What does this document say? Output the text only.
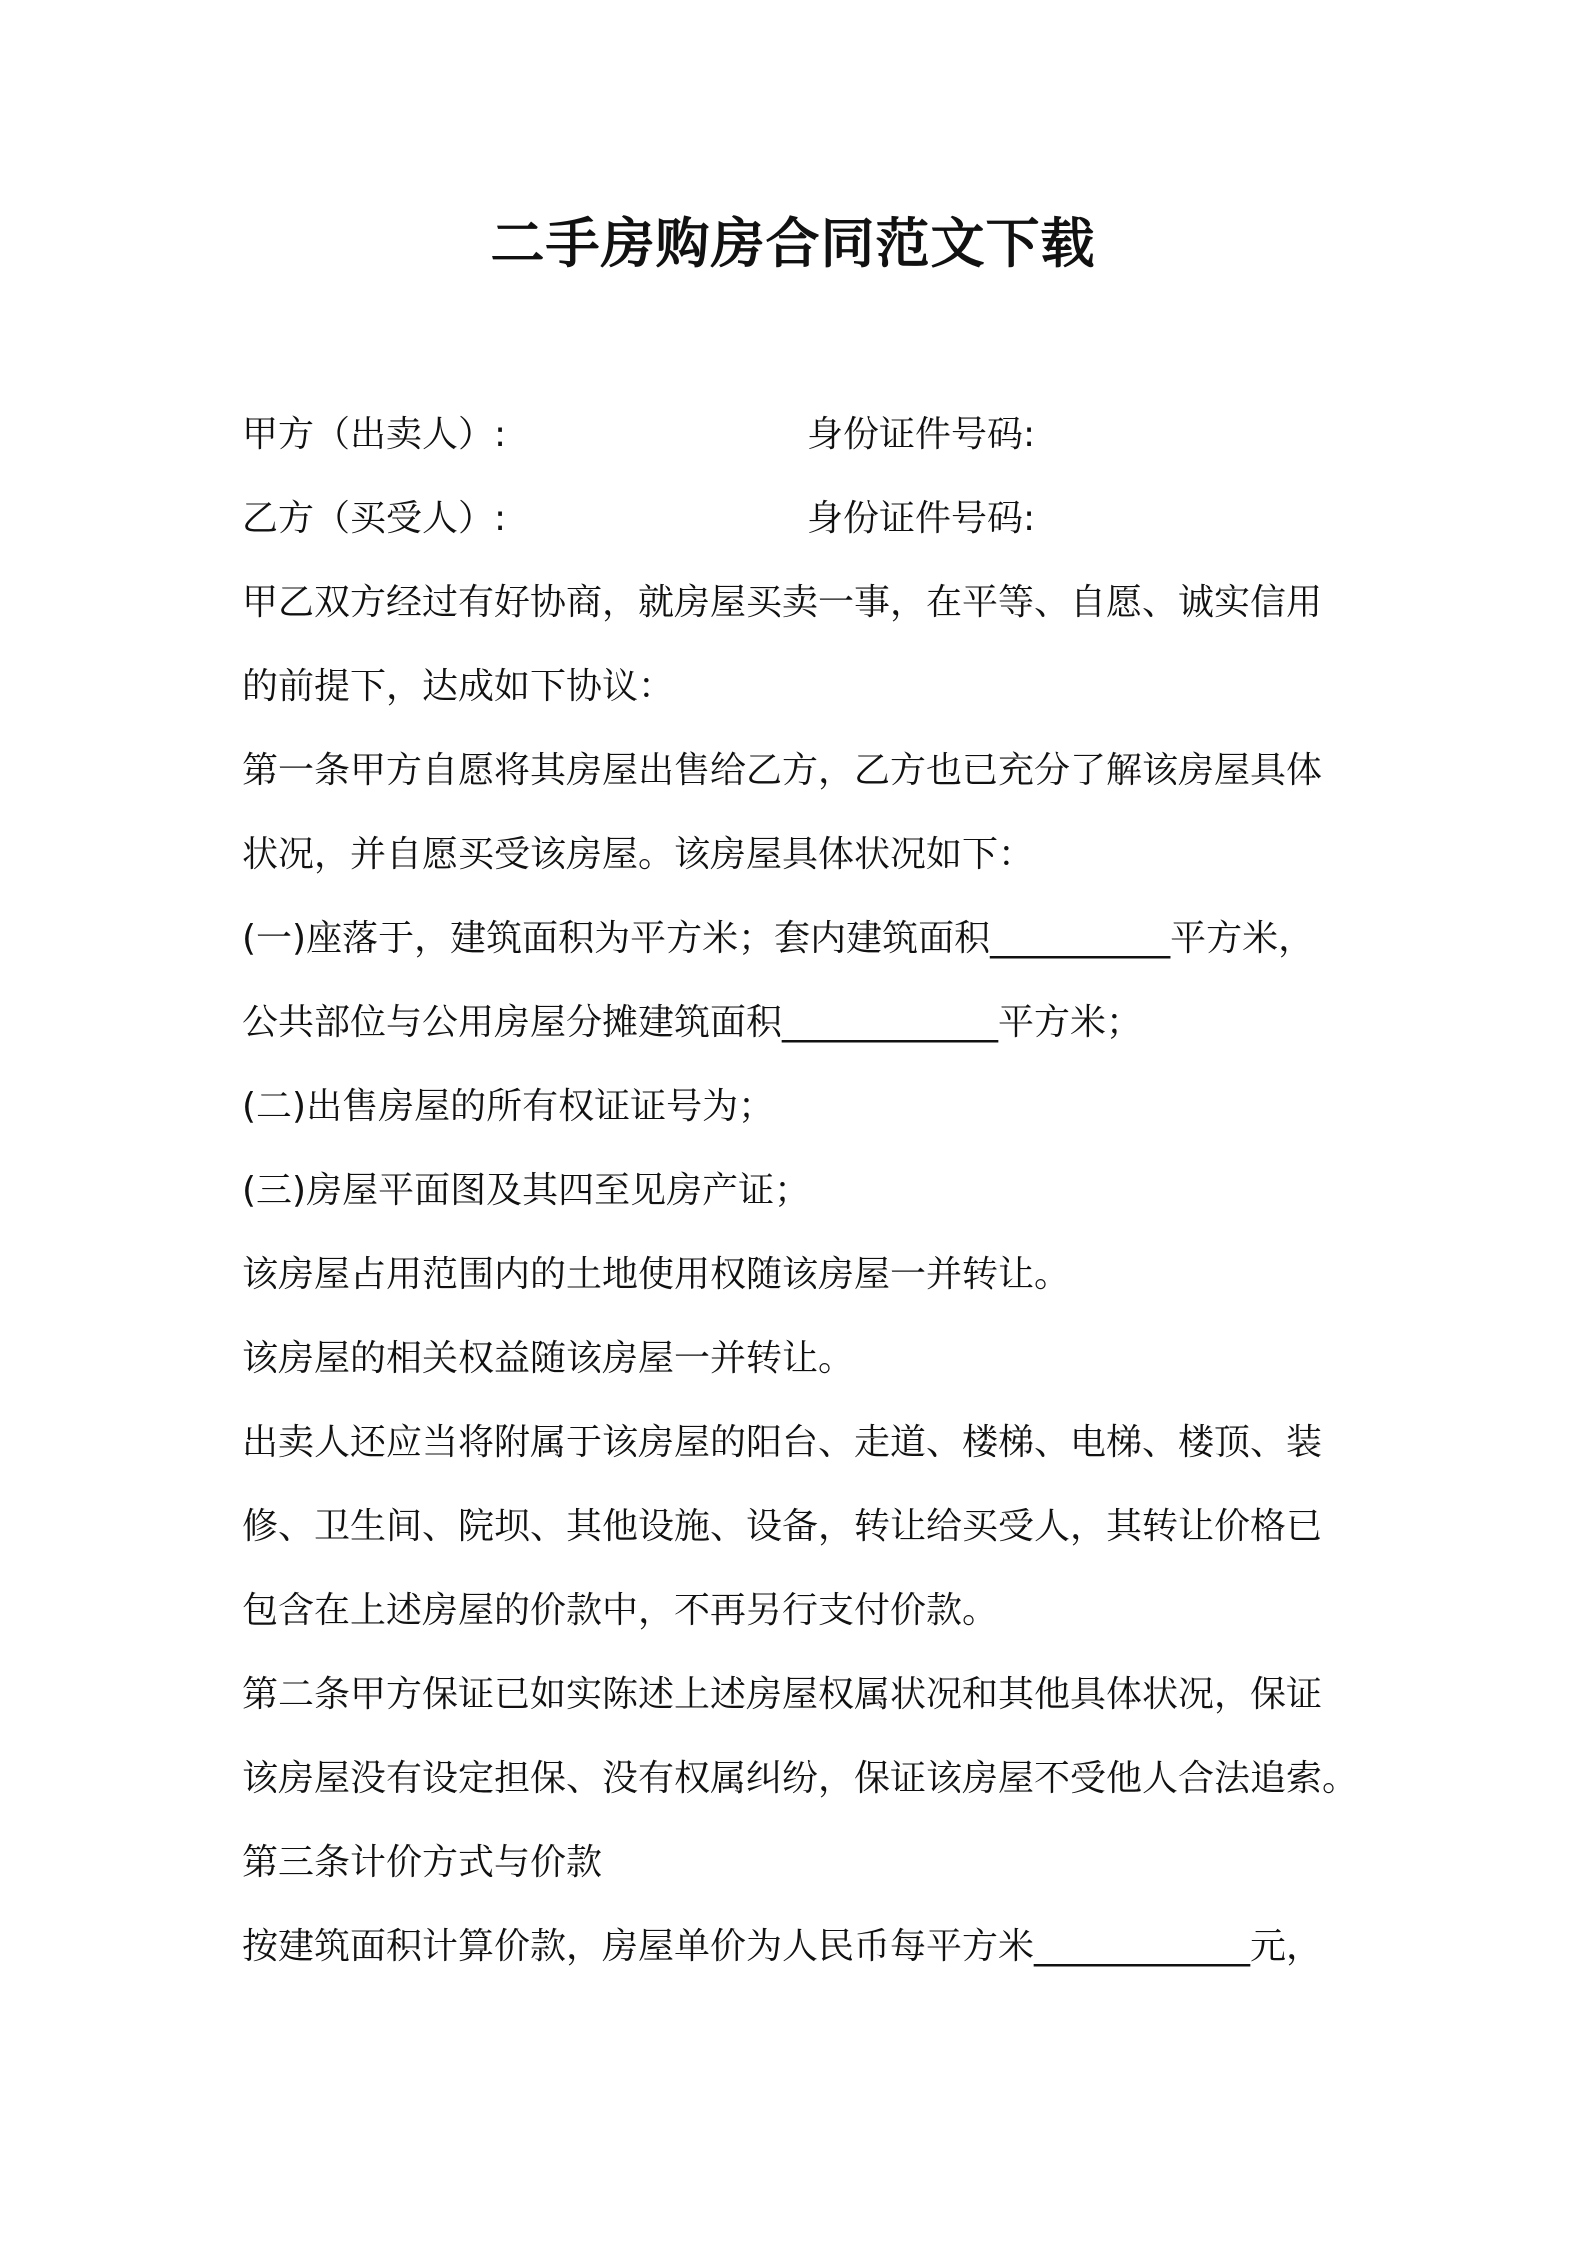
二手房购房合同范文下载
甲方（出卖人）:	身份证件号码:
乙方（买受人）:	身份证件号码:
甲乙双方经过有好协商，就房屋买卖一事，在平等、自愿、诚实信用
的前提下，达成如下协议：
第一条甲方自愿将其房屋出售给乙方，乙方也已充分了解该房屋具体
状况，并自愿买受该房屋。该房屋具体状况如下：
(一)座落于，建筑面积为平方米；套内建筑面积__________平方米，
公共部位与公用房屋分摊建筑面积____________平方米；
(二)出售房屋的所有权证证号为；
(三)房屋平面图及其四至见房产证；
该房屋占用范围内的土地使用权随该房屋一并转让。
该房屋的相关权益随该房屋一并转让。
出卖人还应当将附属于该房屋的阳台、走道、楼梯、电梯、楼顶、装
修、卫生间、院坝、其他设施、设备，转让给买受人，其转让价格已
包含在上述房屋的价款中，不再另行支付价款。
第二条甲方保证已如实陈述上述房屋权属状况和其他具体状况，保证
该房屋没有设定担保、没有权属纠纷，保证该房屋不受他人合法追索。
第三条计价方式与价款
按建筑面积计算价款，房屋单价为人民币每平方米____________元，
